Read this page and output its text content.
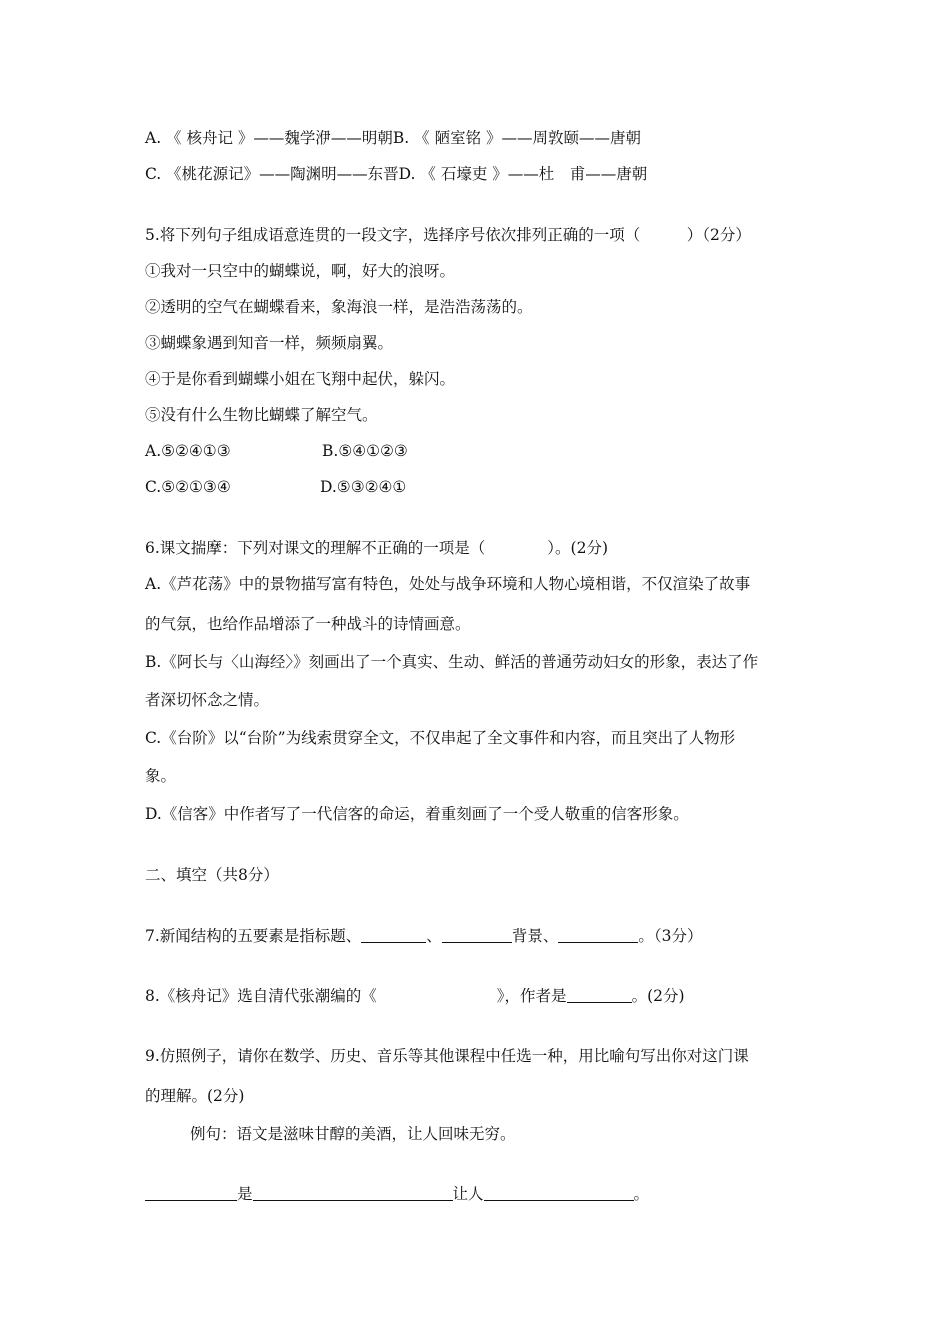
A. 《 核舟记 》——魏学洢——明朝B. 《 陋室铭 》——周敦颐——唐朝
C. 《桃花源记》——陶渊明——东晋D. 《 石壕吏 》——杜　甫——唐朝
5.将下列句子组成语意连贯的一段文字，选择序号依次排列正确的一项（　　　）（2分）
①我对一只空中的蝴蝶说，啊，好大的浪呀。
②透明的空气在蝴蝶看来，象海浪一样，是浩浩荡荡的。
③蝴蝶象遇到知音一样，频频扇翼。
④于是你看到蝴蝶小姐在飞翔中起伏，躲闪。
⑤没有什么生物比蝴蝶了解空气。
A.⑤②④①③	B.⑤④①②③
C.⑤②①③④	D.⑤③②④①
6.课文揣摩：下列对课文的理解不正确的一项是（　　　　）。(2分)
A.《芦花荡》中的景物描写富有特色，处处与战争环境和人物心境相谐，不仅渲染了故事
的气氛，也给作品增添了一种战斗的诗情画意。
B.《阿长与〈山海经〉》刻画出了一个真实、生动、鲜活的普通劳动妇女的形象，表达了作
者深切怀念之情。
C.《台阶》以“台阶”为线索贯穿全文，不仅串起了全文事件和内容，而且突出了人物形
象。
D.《信客》中作者写了一代信客的命运，着重刻画了一个受人敬重的信客形象。
二、填空（共8分）
7.新闻结构的五要素是指标题、	、	背景、	。（3分）
8.《核舟记》选自清代张潮编的《	》，作者是	。(2分)
9.仿照例子，请你在数学、历史、音乐等其他课程中任选一种，用比喻句写出你对这门课
的理解。(2分)
例句：语文是滋味甘醇的美酒，让人回味无穷。
是	让人	。
